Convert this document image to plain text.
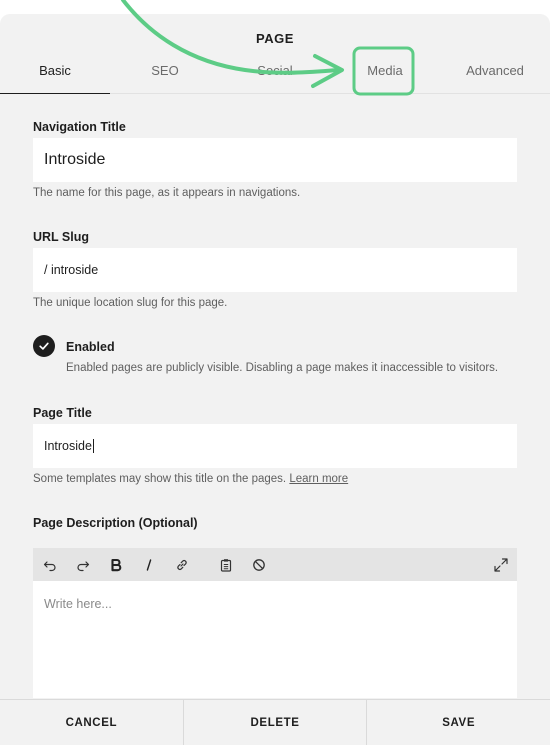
PAGE
Basic	SEO	Social	Media	Advanced
Navigation Title
Introside
The name for this page, as it appears in navigations.
URL Slug
/ introside
The unique location slug for this page.
Enabled
Enabled pages are publicly visible. Disabling a page makes it inaccessible to visitors.
Page Title
Introside
Some templates may show this title on the pages. Learn more
Page Description (Optional)
Write here...
CANCEL	DELETE	SAVE
